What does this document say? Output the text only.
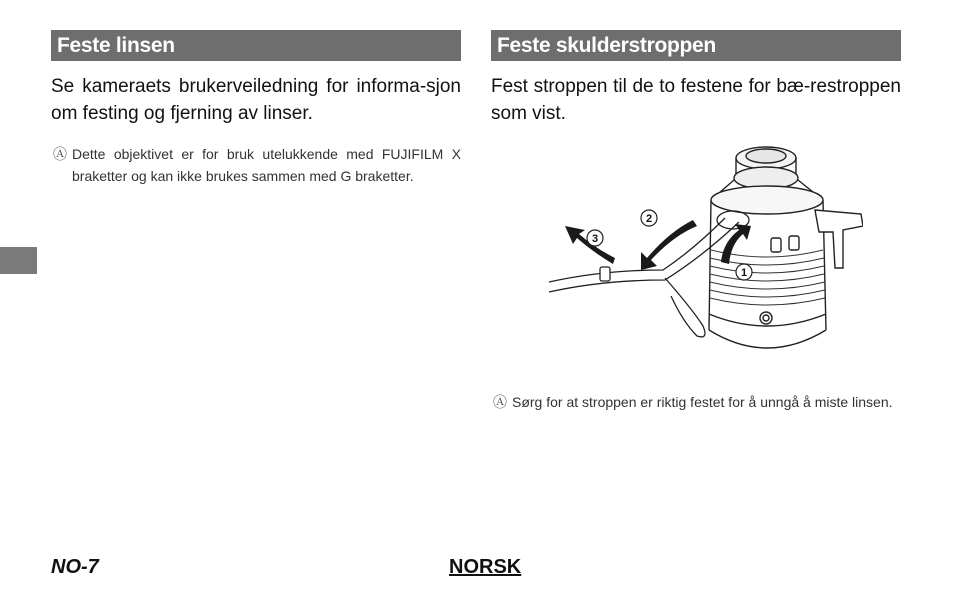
Feste linsen

Se kameraets brukerveiledning for informa-sjon om festing og fjerning av linser.

Ⓐ Dette objektivet er for bruk utelukkende med FUJIFILM X braketter og kan ikke brukes sammen med G braketter.

Feste skulderstroppen

Fest stroppen til de to festene for bæ-restroppen som vist.

1
2
3

Ⓐ Sørg for at stroppen er riktig festet for å unngå å miste linsen.

NO-7	NORSK
